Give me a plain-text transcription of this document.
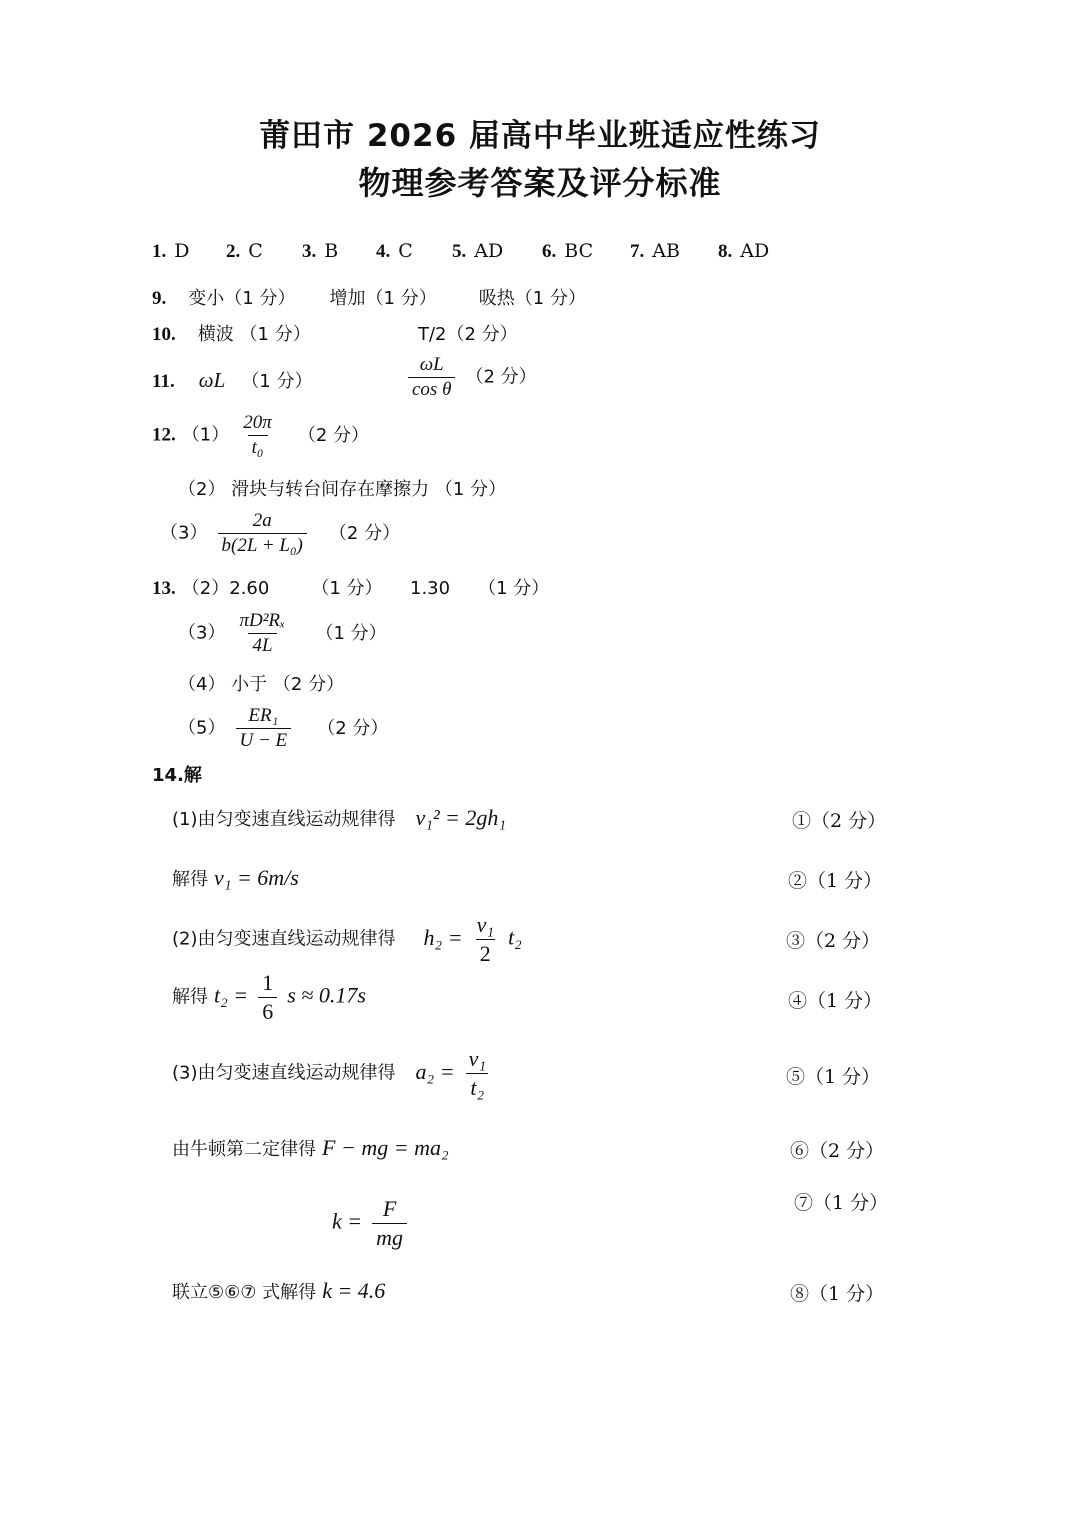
莆田市 2026 届高中毕业班适应性练习
物理参考答案及评分标准
1. D 2. C 3. B 4. C 5. AD 6. BC 7. AB 8. AD
9. 变小（1 分） 增加（1 分） 吸热（1 分）
10. 横波 （1 分）	T/2（2 分）
11. ωL （1 分）	$\frac{\omega L}{\text{cos θ}} (2$ 分）
12. $(1) \frac{20\pi}{\text{t₀}} (2$ 分）
（2） 滑块与转台间存在摩擦力 （1 分）
$(3) \frac{2a}{\text{b(2L + L₀)}} (2$ 分）
13. （2）2.60 （1 分） 1.30 （1 分）
$(3) \frac{\text{πD²Rₓ}}{4L} (1$ 分）
（4） 小于 （2 分）
$(5) \frac{\text{ER₁}}{U - E} (2$ 分）
14.解
(1)由匀变速直线运动规律得 v₁² = 2gh₁	①（2 分）
解得 v₁ = 6m/s	②（1 分）
(2)由匀变速直线运动规律得 $h_2 = \frac{\text{v₁}}{2} t_2$	③（2 分）
解得 $t_2 = \frac{1}{6}$ s ≈ 0.17s	④（1 分）
(3)由匀变速直线运动规律得 $a_2 = \frac{\text{v₁}}{\text{t₂}}$	⑤（1 分）
由牛顿第二定律得 F − mg = ma₂	⑥（2 分）
$k = \frac{F}{mg}$	⑦（1 分）
联立⑤⑥⑦ 式解得 k = 4.6	⑧（1 分）
